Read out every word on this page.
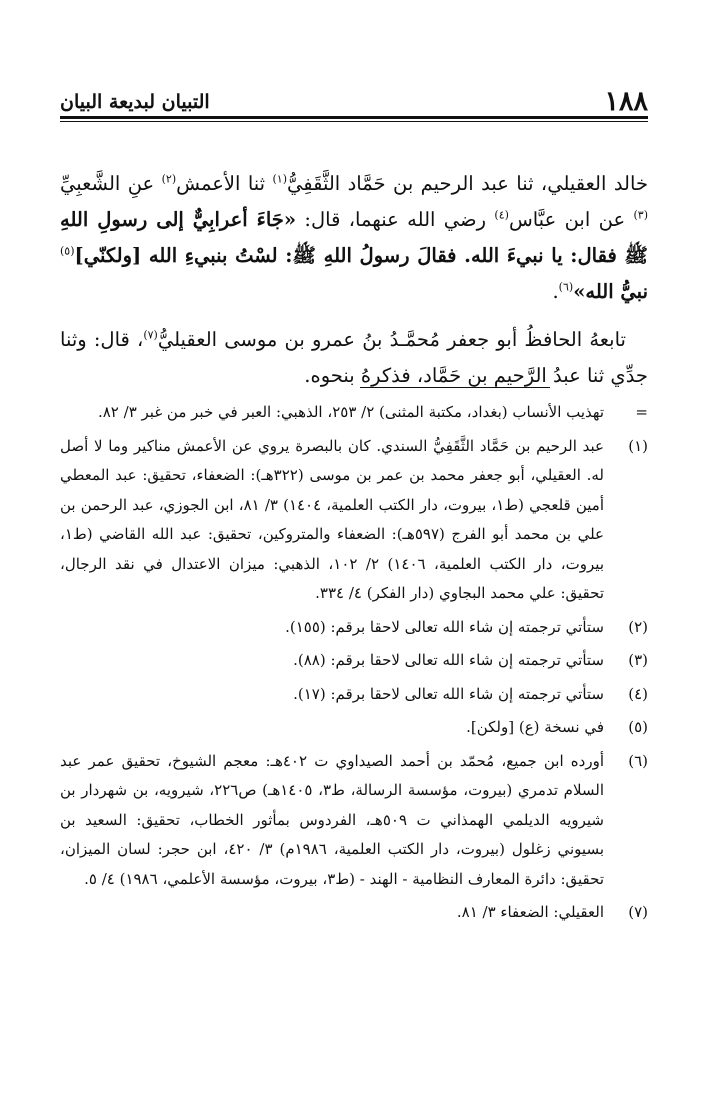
١٨٨
التبيان لبديعة البيان

خالد العقيلي، ثنا عبد الرحيم بن حَمَّاد الثَّقَفِيُّ$^{(١)}$ ثنا الأعمش$^{(٢)}$ عنِ الشَّعبِيِّ $^{(٣)}$ عن ابن عبَّاس$^{(٤)}$ رضي الله عنهما، قال: «جَاءَ أعرابِيٌّ إلى رسولِ اللهِ ﷺ فقال: يا نبيءَ الله. فقالَ رسولُ اللهِ ﷺ: لسْتُ بنبيءِ الله [ولكنّي]$^{(٥)}$ نبيُّ الله»$^{(٦)}$.

تابعهُ الحافظُ أبو جعفر مُحمَّـدُ بنُ عمرو بن موسى العقيليُّ$^{(٧)}$، قال: وثنا جدِّي ثنا عبدُ الرَّحيم بن حَمَّاد، فذكرهُ بنحوه.

=
تهذيب الأنساب (بغداد، مكتبة المثنى) ٢/ ٢٥٣، الذهبي: العبر في خبر من غبر ٣/ ٨٢.
(١)
عبد الرحيم بن حَمَّاد الثَّقَفِيُّ السندي. كان بالبصرة يروي عن الأعمش مناكير وما لا أصل له. العقيلي، أبو جعفر محمد بن عمر بن موسى (٣٢٢هـ): الضعفاء، تحقيق: عبد المعطي أمين قلعجي (ط١، بيروت، دار الكتب العلمية، ١٤٠٤) ٣/ ٨١، ابن الجوزي، عبد الرحمن بن علي بن محمد أبو الفرج (٥٩٧هـ): الضعفاء والمتروكين، تحقيق: عبد الله القاضي (ط١، بيروت، دار الكتب العلمية، ١٤٠٦) ٢/ ١٠٢، الذهبي: ميزان الاعتدال في نقد الرجال، تحقيق: علي محمد البجاوي (دار الفكر) ٤/ ٣٣٤.
(٢)
ستأتي ترجمته إن شاء الله تعالى لاحقا برقم: (١٥٥).
(٣)
ستأتي ترجمته إن شاء الله تعالى لاحقا برقم: (٨٨).
(٤)
ستأتي ترجمته إن شاء الله تعالى لاحقا برقم: (١٧).
(٥)
في نسخة (ع) [ولكن].
(٦)
أورده ابن جميع، مُحمّد بن أحمد الصيداوي ت ٤٠٢هـ: معجم الشيوخ، تحقيق عمر عبد السلام تدمري (بيروت، مؤسسة الرسالة، ط٣، ١٤٠٥هـ) ص٢٢٦، شيرويه، بن شهردار بن شيرويه الديلمي الهمذاني ت ٥٠٩هـ، الفردوس بمأثور الخطاب، تحقيق: السعيد بن بسيوني زغلول (بيروت، دار الكتب العلمية، ١٩٨٦م) ٣/ ٤٢٠، ابن حجر: لسان الميزان، تحقيق: دائرة المعارف النظامية - الهند - (ط٣، بيروت، مؤسسة الأعلمي، ١٩٨٦) ٤/ ٥.
(٧)
العقيلي: الضعفاء ٣/ ٨١.
